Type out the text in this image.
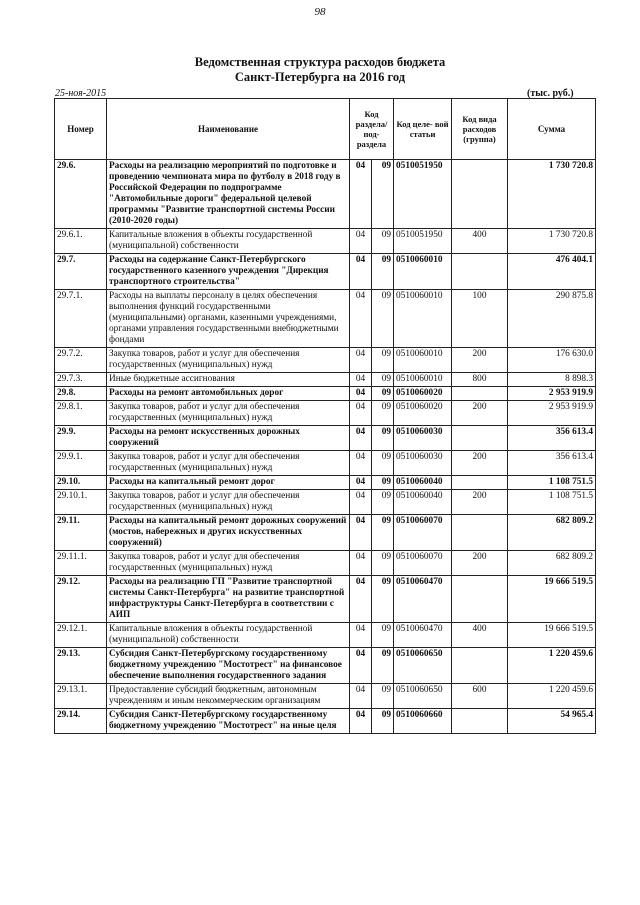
98
Ведомственная структура расходов бюджета
Санкт-Петербурга на 2016 год
25-ноя-2015	(тыс. руб.)
Номер	Наименование	Код раздела/ под- раздела		Код целе- вой статьи	Код вида расходов (группа)	Сумма
29.6.	Расходы на реализацию мероприятий по подготовке и проведению чемпионата мира по футболу в 2018 году в Российской Федерации по подпрограмме "Автомобильные дороги" федеральной целевой программы "Развитие транспортной системы России (2010-2020 годы)	04	09	0510051950		1 730 720.8
29.6.1.	Капитальные вложения в объекты государственной (муниципальной) собственности	04	09	0510051950	400	1 730 720.8
29.7.	Расходы на содержание Санкт-Петербургского государственного казенного учреждения "Дирекция транспортного строительства"	04	09	0510060010		476 404.1
29.7.1.	Расходы на выплаты персоналу в целях обеспечения выполнения функций государственными (муниципальными) органами, казенными учреждениями, органами управления государственными внебюджетными фондами	04	09	0510060010	100	290 875.8
29.7.2.	Закупка товаров, работ и услуг для обеспечения государственных (муниципальных) нужд	04	09	0510060010	200	176 630.0
29.7.3.	Иные бюджетные ассигнования	04	09	0510060010	800	8 898.3
29.8.	Расходы на ремонт автомобильных дорог	04	09	0510060020		2 953 919.9
29.8.1.	Закупка товаров, работ и услуг для обеспечения государственных (муниципальных) нужд	04	09	0510060020	200	2 953 919.9
29.9.	Расходы на ремонт искусственных дорожных сооружений	04	09	0510060030		356 613.4
29.9.1.	Закупка товаров, работ и услуг для обеспечения государственных (муниципальных) нужд	04	09	0510060030	200	356 613.4
29.10.	Расходы на капитальный ремонт дорог	04	09	0510060040		1 108 751.5
29.10.1.	Закупка товаров, работ и услуг для обеспечения государственных (муниципальных) нужд	04	09	0510060040	200	1 108 751.5
29.11.	Расходы на капитальный ремонт дорожных сооружений (мостов, набережных и других искусственных сооружений)	04	09	0510060070		682 809.2
29.11.1.	Закупка товаров, работ и услуг для обеспечения государственных (муниципальных) нужд	04	09	0510060070	200	682 809.2
29.12.	Расходы на реализацию ГП "Развитие транспортной системы Санкт-Петербурга" на развитие транспортной инфраструктуры Санкт-Петербурга в соответствии с АИП	04	09	0510060470		19 666 519.5
29.12.1.	Капитальные вложения в объекты государственной (муниципальной) собственности	04	09	0510060470	400	19 666 519.5
29.13.	Субсидия Санкт-Петербургскому государственному бюджетному учреждению "Мостотрест" на финансовое обеспечение выполнения государственного задания	04	09	0510060650		1 220 459.6
29.13.1.	Предоставление субсидий бюджетным, автономным учреждениям и иным некоммерческим организациям	04	09	0510060650	600	1 220 459.6
29.14.	Субсидия Санкт-Петербургскому государственному бюджетному учреждению "Мостотрест" на иные целя	04	09	0510060660		54 965.4
